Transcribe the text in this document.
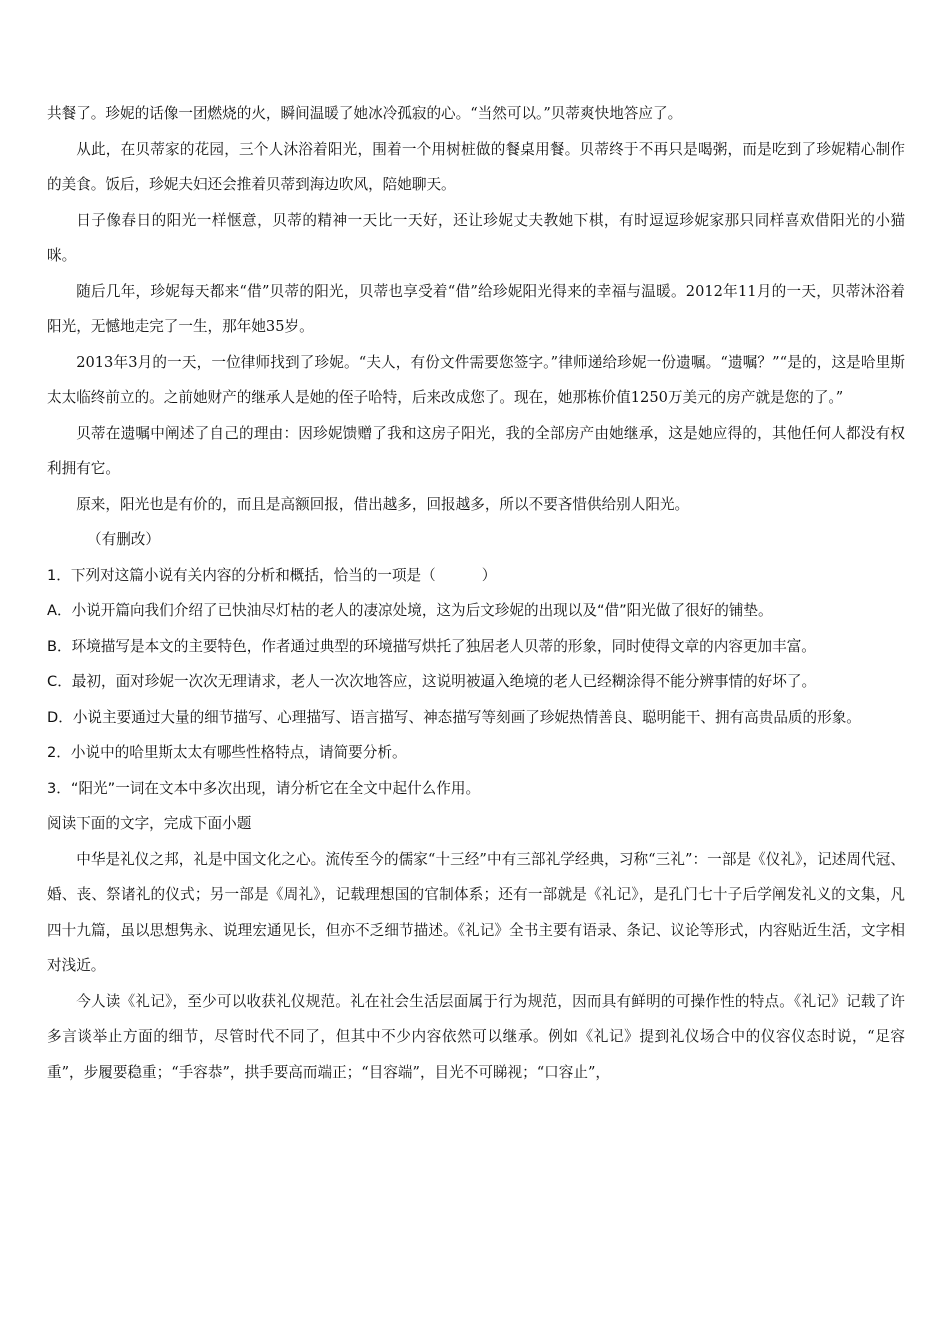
共餐了。珍妮的话像一团燃烧的火，瞬间温暖了她冰冷孤寂的心。“当然可以。”贝蒂爽快地答应了。

从此，在贝蒂家的花园，三个人沐浴着阳光，围着一个用树桩做的餐桌用餐。贝蒂终于不再只是喝粥，而是吃到了珍妮精心制作的美食。饭后，珍妮夫妇还会推着贝蒂到海边吹风，陪她聊天。

日子像春日的阳光一样惬意，贝蒂的精神一天比一天好，还让珍妮丈夫教她下棋，有时逗逗珍妮家那只同样喜欢借阳光的小猫咪。

随后几年，珍妮每天都来“借”贝蒂的阳光，贝蒂也享受着“借”给珍妮阳光得来的幸福与温暖。2012年11月的一天，贝蒂沐浴着阳光，无憾地走完了一生，那年她35岁。

2013年3月的一天，一位律师找到了珍妮。“夫人，有份文件需要您签字。”律师递给珍妮一份遗嘱。“遗嘱？”“是的，这是哈里斯太太临终前立的。之前她财产的继承人是她的侄子哈特，后来改成您了。现在，她那栋价值1250万美元的房产就是您的了。”

贝蒂在遗嘱中阐述了自己的理由：因珍妮馈赠了我和这房子阳光，我的全部房产由她继承，这是她应得的，其他任何人都没有权利拥有它。

原来，阳光也是有价的，而且是高额回报，借出越多，回报越多，所以不要吝惜供给别人阳光。

（有删改）

1．下列对这篇小说有关内容的分析和概括，恰当的一项是（	）

A．小说开篇向我们介绍了已快油尽灯枯的老人的凄凉处境，这为后文珍妮的出现以及“借”阳光做了很好的铺垫。

B．环境描写是本文的主要特色，作者通过典型的环境描写烘托了独居老人贝蒂的形象，同时使得文章的内容更加丰富。

C．最初，面对珍妮一次次无理请求，老人一次次地答应，这说明被逼入绝境的老人已经糊涂得不能分辨事情的好坏了。

D．小说主要通过大量的细节描写、心理描写、语言描写、神态描写等刻画了珍妮热情善良、聪明能干、拥有高贵品质的形象。

2．小说中的哈里斯太太有哪些性格特点，请简要分析。

3．“阳光”一词在文本中多次出现，请分析它在全文中起什么作用。

阅读下面的文字，完成下面小题

中华是礼仪之邦，礼是中国文化之心。流传至今的儒家“十三经”中有三部礼学经典，习称“三礼”：一部是《仪礼》，记述周代冠、婚、丧、祭诸礼的仪式；另一部是《周礼》，记载理想国的官制体系；还有一部就是《礼记》，是孔门七十子后学阐发礼义的文集，凡四十九篇，虽以思想隽永、说理宏通见长，但亦不乏细节描述。《礼记》全书主要有语录、条记、议论等形式，内容贴近生活，文字相对浅近。

今人读《礼记》，至少可以收获礼仪规范。礼在社会生活层面属于行为规范，因而具有鲜明的可操作性的特点。《礼记》记载了许多言谈举止方面的细节，尽管时代不同了，但其中不少内容依然可以继承。例如《礼记》提到礼仪场合中的仪容仪态时说，“足容重”，步履要稳重；“手容恭”，拱手要高而端正；“目容端”，目光不可睇视；“口容止”，
